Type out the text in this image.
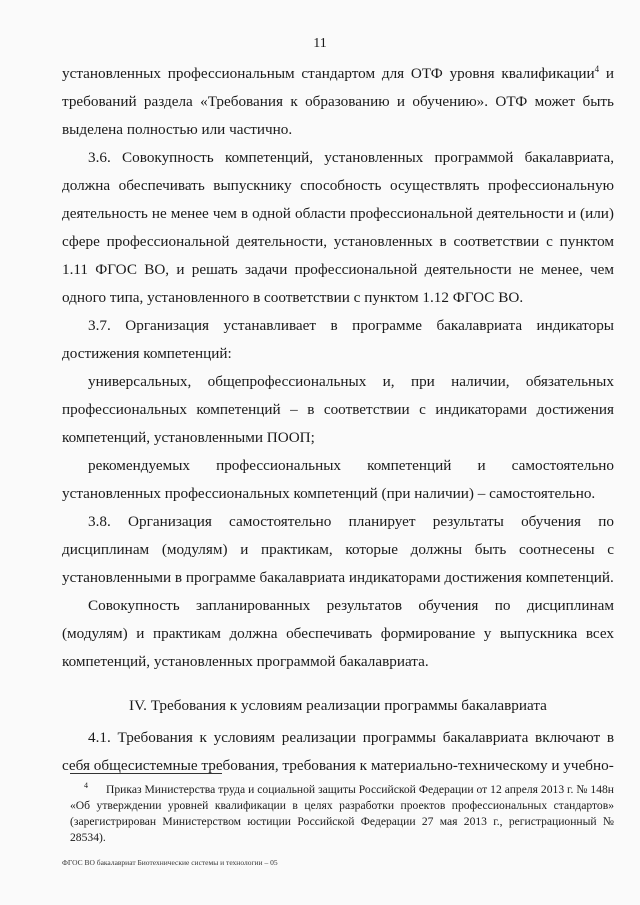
11

установленных профессиональным стандартом для ОТФ уровня квалификации$^4$ и требований раздела «Требования к образованию и обучению». ОТФ может быть выделена полностью или частично.

3.6. Совокупность компетенций, установленных программой бакалавриата, должна обеспечивать выпускнику способность осуществлять профессиональную деятельность не менее чем в одной области профессиональной деятельности и (или) сфере профессиональной деятельности, установленных в соответствии с пунктом 1.11 ФГОС ВО, и решать задачи профессиональной деятельности не менее, чем одного типа, установленного в соответствии с пунктом 1.12 ФГОС ВО.

3.7. Организация устанавливает в программе бакалавриата индикаторы достижения компетенций:

универсальных, общепрофессиональных и, при наличии, обязательных профессиональных компетенций – в соответствии с индикаторами достижения компетенций, установленными ПООП;

рекомендуемых профессиональных компетенций и самостоятельно установленных профессиональных компетенций (при наличии) – самостоятельно.

3.8. Организация самостоятельно планирует результаты обучения по дисциплинам (модулям) и практикам, которые должны быть соотнесены с установленными в программе бакалавриата индикаторами достижения компетенций.

Совокупность запланированных результатов обучения по дисциплинам (модулям) и практикам должна обеспечивать формирование у выпускника всех компетенций, установленных программой бакалавриата.

IV. Требования к условиям реализации программы бакалавриата

4.1. Требования к условиям реализации программы бакалавриата включают в себя общесистемные требования, требования к материально-техническому и учебно-

$^4$ Приказ Министерства труда и социальной защиты Российской Федерации от 12 апреля 2013 г. № 148н «Об утверждении уровней квалификации в целях разработки проектов профессиональных стандартов» (зарегистрирован Министерством юстиции Российской Федерации 27 мая 2013 г., регистрационный № 28534).
ФГОС ВО бакалавриат Биотехнические системы и технологии – 05
